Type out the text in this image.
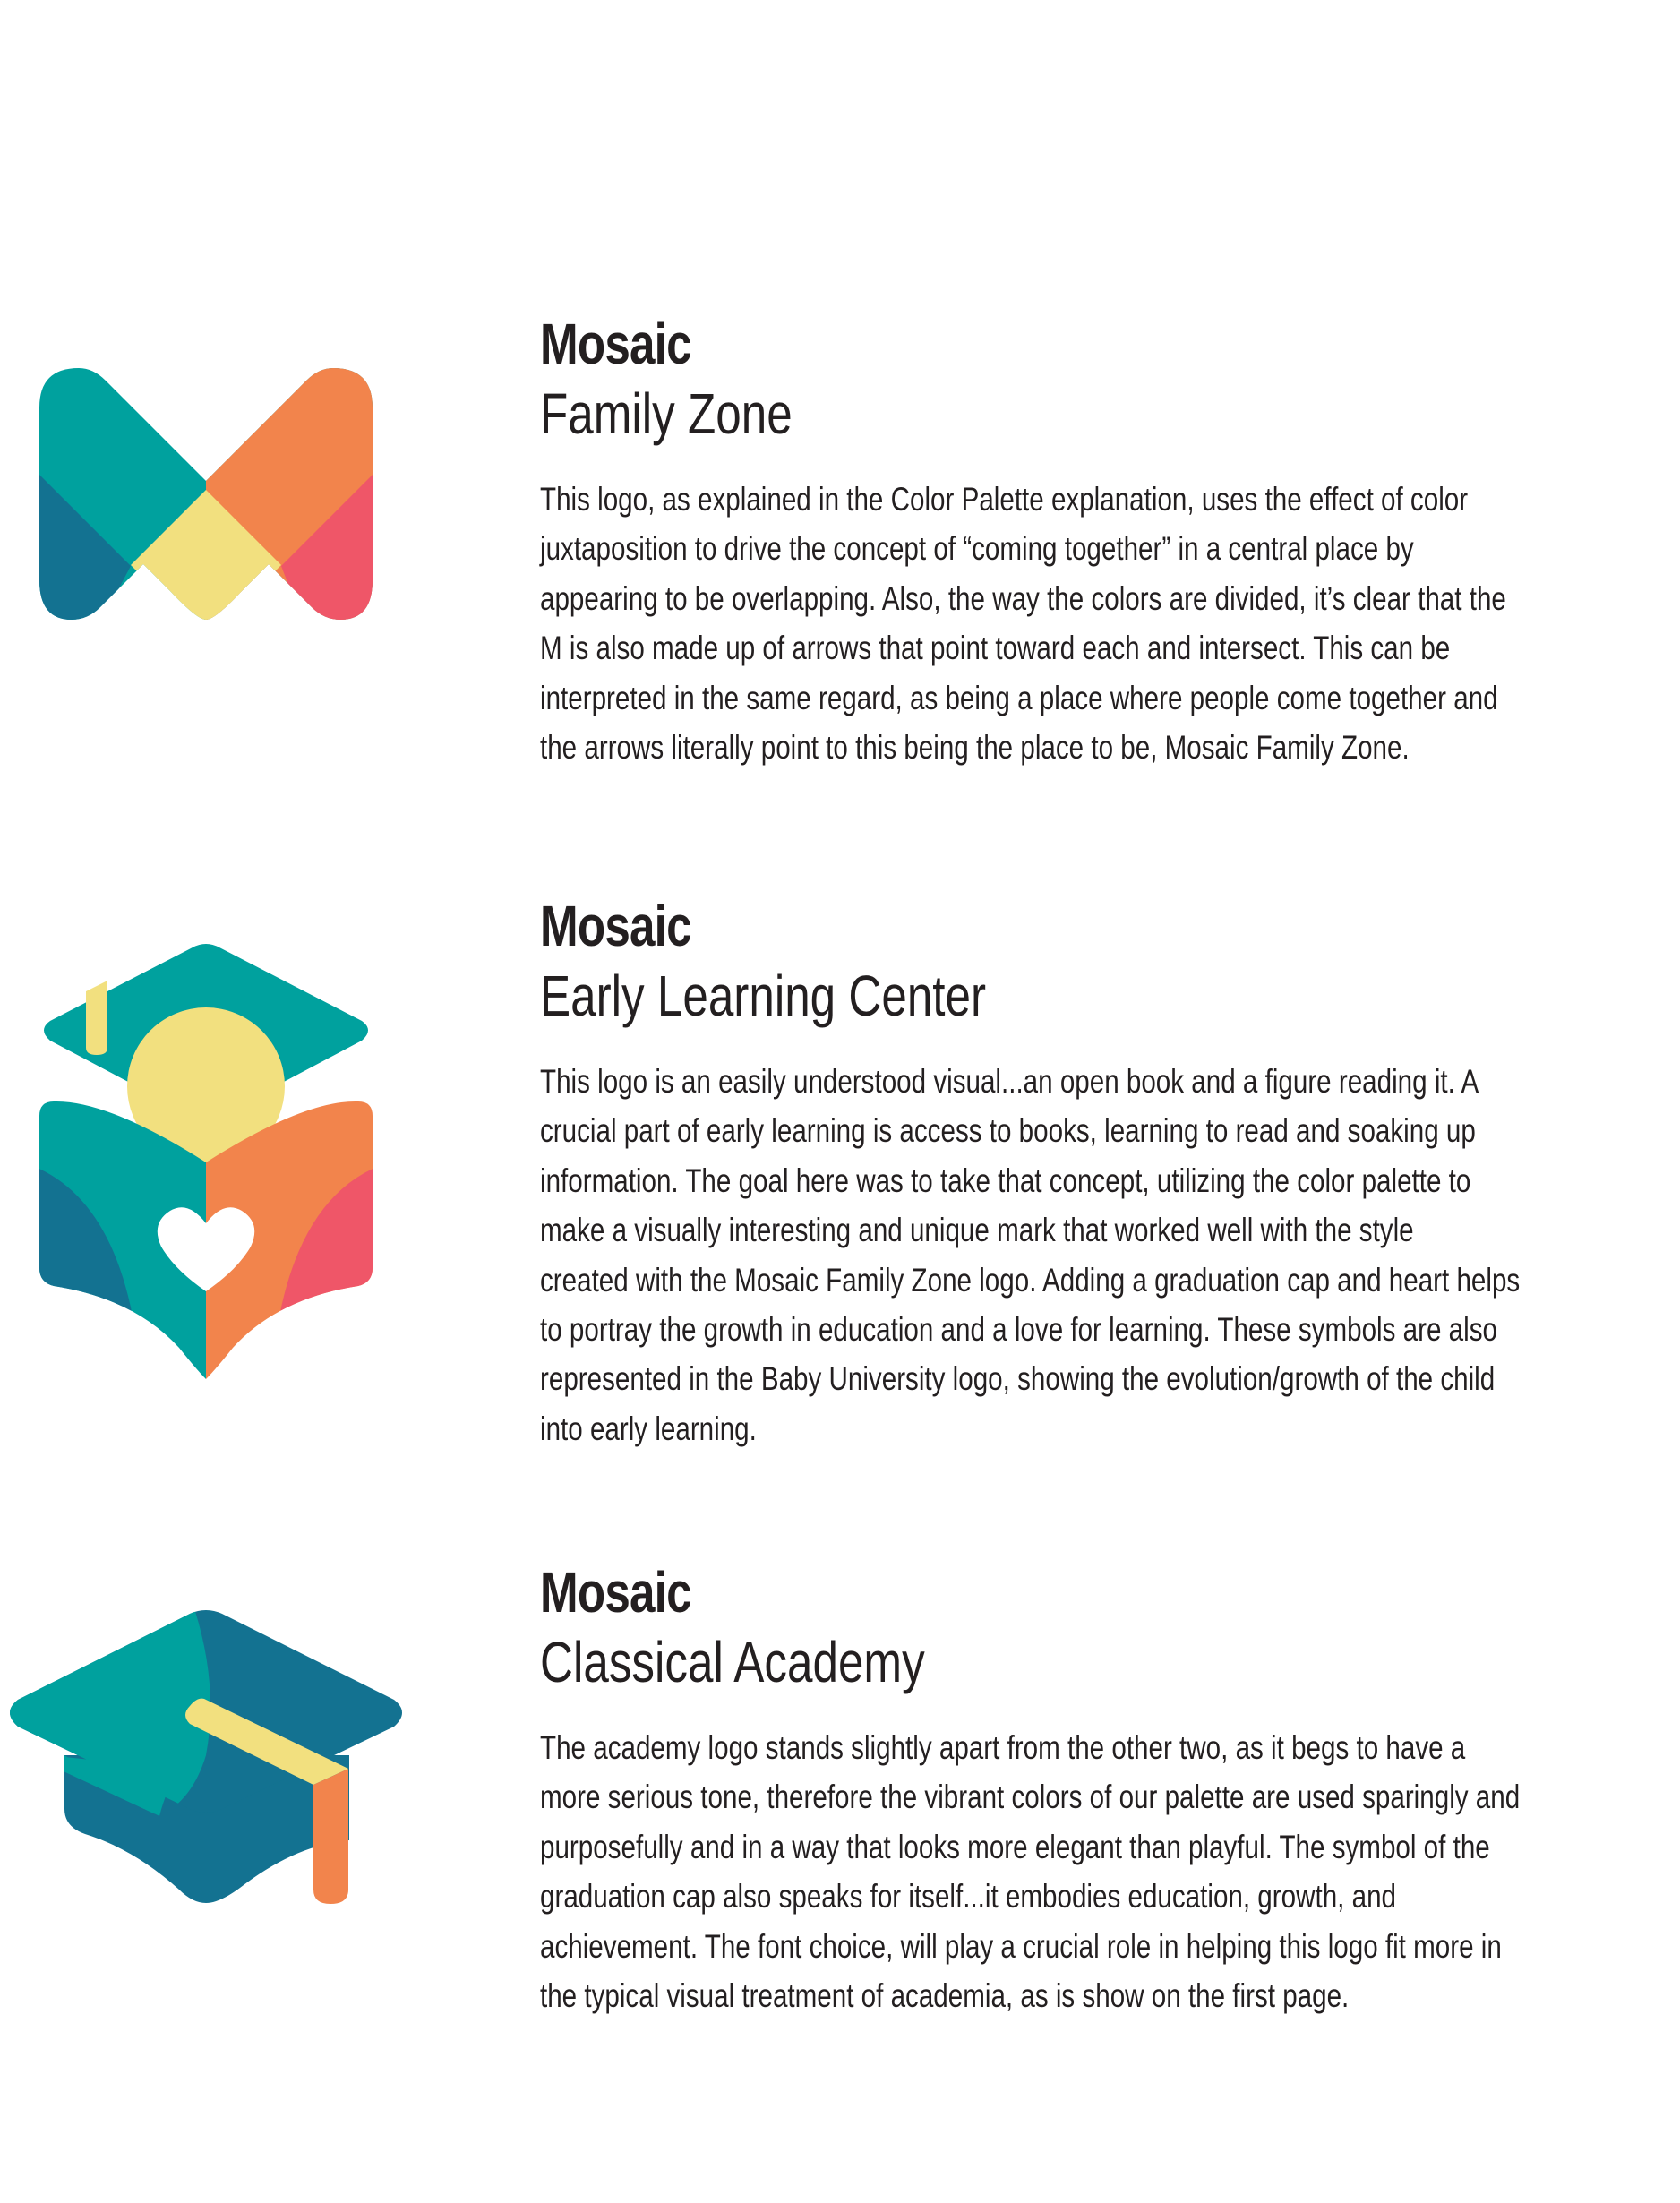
Mosaic
Family Zone
This logo, as explained in the Color Palette explanation, uses the effect of color
juxtaposition to drive the concept of “coming together” in a central place by
appearing to be overlapping. Also, the way the colors are divided, it’s clear that the
M is also made up of arrows that point toward each and intersect. This can be
interpreted in the same regard, as being a place where people come together and
the arrows literally point to this being the place to be, Mosaic Family Zone.
Mosaic
Early Learning Center
This logo is an easily understood visual...an open book and a figure reading it. A
crucial part of early learning is access to books, learning to read and soaking up
information. The goal here was to take that concept, utilizing the color palette to
make a visually interesting and unique mark that worked well with the style
created with the Mosaic Family Zone logo. Adding a graduation cap and heart helps
to portray the growth in education and a love for learning. These symbols are also
represented in the Baby University logo, showing the evolution/growth of the child
into early learning.
Mosaic
Classical Academy
The academy logo stands slightly apart from the other two, as it begs to have a
more serious tone, therefore the vibrant colors of our palette are used sparingly and
purposefully and in a way that looks more elegant than playful. The symbol of the
graduation cap also speaks for itself...it embodies education, growth, and
achievement. The font choice, will play a crucial role in helping this logo fit more in
the typical visual treatment of academia, as is show on the first page.
